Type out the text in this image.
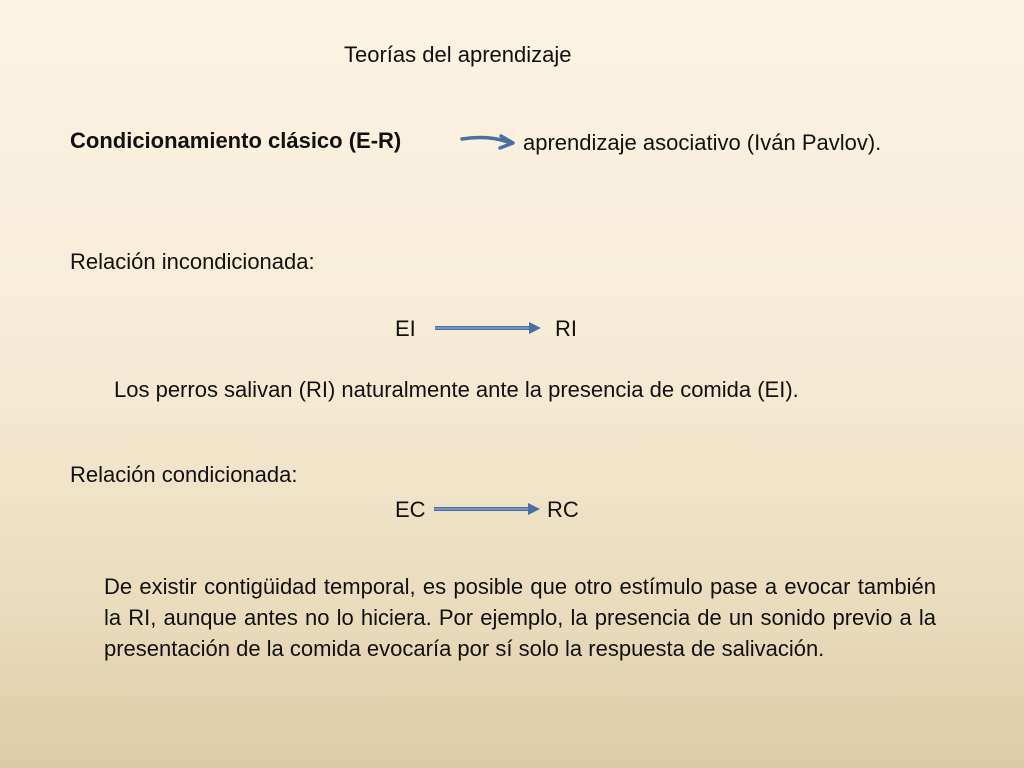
Teorías del aprendizaje
Condicionamiento clásico (E-R)	aprendizaje asociativo (Iván Pavlov).
Relación incondicionada:
EI	RI
Los perros salivan (RI) naturalmente ante la presencia de comida (EI).
Relación condicionada:
EC	RC
De existir contigüidad temporal, es posible que otro estímulo pase a evocar también la RI, aunque antes no lo hiciera. Por ejemplo, la presencia de un sonido previo a la presentación de la comida evocaría por sí solo la respuesta de salivación.
